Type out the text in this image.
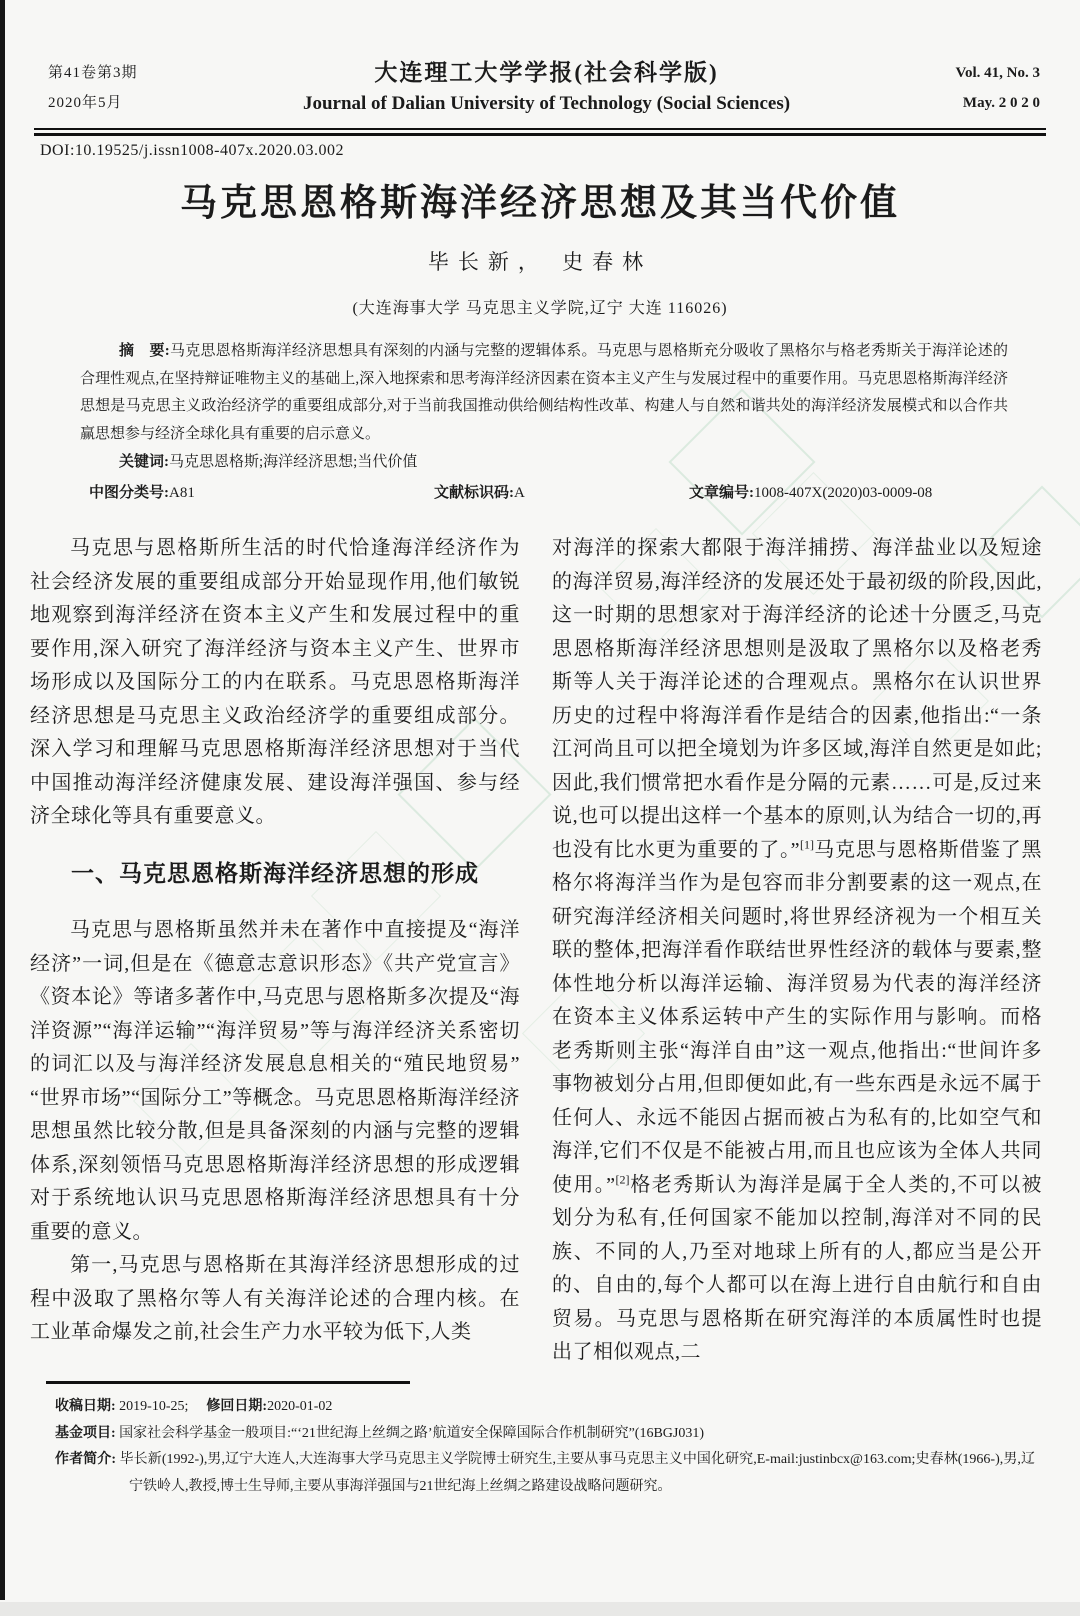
第41卷第3期
2020年5月
大连理工大学学报(社会科学版)
Journal of Dalian University of Technology (Social Sciences)
Vol. 41, No. 3
May. 2 0 2 0
DOI:10.19525/j.issn1008-407x.2020.03.002
马克思恩格斯海洋经济思想及其当代价值
毕长新， 史春林
(大连海事大学 马克思主义学院,辽宁 大连 116026)

摘　要:马克思恩格斯海洋经济思想具有深刻的内涵与完整的逻辑体系。马克思与恩格斯充分吸收了黑格尔与格老秀斯关于海洋论述的合理性观点,在坚持辩证唯物主义的基础上,深入地探索和思考海洋经济因素在资本主义产生与发展过程中的重要作用。马克思恩格斯海洋经济思想是马克思主义政治经济学的重要组成部分,对于当前我国推动供给侧结构性改革、构建人与自然和谐共处的海洋经济发展模式和以合作共赢思想参与经济全球化具有重要的启示意义。

关键词:马克思恩格斯;海洋经济思想;当代价值

中图分类号:A81	文献标识码:A	文章编号:1008-407X(2020)03-0009-08

马克思与恩格斯所生活的时代恰逢海洋经济作为社会经济发展的重要组成部分开始显现作用,他们敏锐地观察到海洋经济在资本主义产生和发展过程中的重要作用,深入研究了海洋经济与资本主义产生、世界市场形成以及国际分工的内在联系。马克思恩格斯海洋经济思想是马克思主义政治经济学的重要组成部分。深入学习和理解马克思恩格斯海洋经济思想对于当代中国推动海洋经济健康发展、建设海洋强国、参与经济全球化等具有重要意义。

一、马克思恩格斯海洋经济思想的形成

马克思与恩格斯虽然并未在著作中直接提及“海洋经济”一词,但是在《德意志意识形态》《共产党宣言》《资本论》等诸多著作中,马克思与恩格斯多次提及“海洋资源”“海洋运输”“海洋贸易”等与海洋经济关系密切的词汇以及与海洋经济发展息息相关的“殖民地贸易”“世界市场”“国际分工”等概念。马克思恩格斯海洋经济思想虽然比较分散,但是具备深刻的内涵与完整的逻辑体系,深刻领悟马克思恩格斯海洋经济思想的形成逻辑对于系统地认识马克思恩格斯海洋经济思想具有十分重要的意义。

第一,马克思与恩格斯在其海洋经济思想形成的过程中汲取了黑格尔等人有关海洋论述的合理内核。在工业革命爆发之前,社会生产力水平较为低下,人类

对海洋的探索大都限于海洋捕捞、海洋盐业以及短途的海洋贸易,海洋经济的发展还处于最初级的阶段,因此,这一时期的思想家对于海洋经济的论述十分匮乏,马克思恩格斯海洋经济思想则是汲取了黑格尔以及格老秀斯等人关于海洋论述的合理观点。黑格尔在认识世界历史的过程中将海洋看作是结合的因素,他指出:“一条江河尚且可以把全境划为许多区域,海洋自然更是如此;因此,我们惯常把水看作是分隔的元素……可是,反过来说,也可以提出这样一个基本的原则,认为结合一切的,再也没有比水更为重要的了。”[1]马克思与恩格斯借鉴了黑格尔将海洋当作为是包容而非分割要素的这一观点,在研究海洋经济相关问题时,将世界经济视为一个相互关联的整体,把海洋看作联结世界性经济的载体与要素,整体性地分析以海洋运输、海洋贸易为代表的海洋经济在资本主义体系运转中产生的实际作用与影响。而格老秀斯则主张“海洋自由”这一观点,他指出:“世间许多事物被划分占用,但即便如此,有一些东西是永远不属于任何人、永远不能因占据而被占为私有的,比如空气和海洋,它们不仅是不能被占用,而且也应该为全体人共同使用。”[2]格老秀斯认为海洋是属于全人类的,不可以被划分为私有,任何国家不能加以控制,海洋对不同的民族、不同的人,乃至对地球上所有的人,都应当是公开的、自由的,每个人都可以在海上进行自由航行和自由贸易。马克思与恩格斯在研究海洋的本质属性时也提出了相似观点,二

收稿日期: 2019-10-25; 修回日期:2020-01-02

基金项目: 国家社会科学基金一般项目:“‘21世纪海上丝绸之路’航道安全保障国际合作机制研究”(16BGJ031)

作者简介: 毕长新(1992-),男,辽宁大连人,大连海事大学马克思主义学院博士研究生,主要从事马克思主义中国化研究,E-mail:justinbcx@163.com;史春林(1966-),男,辽宁铁岭人,教授,博士生导师,主要从事海洋强国与21世纪海上丝绸之路建设战略问题研究。
